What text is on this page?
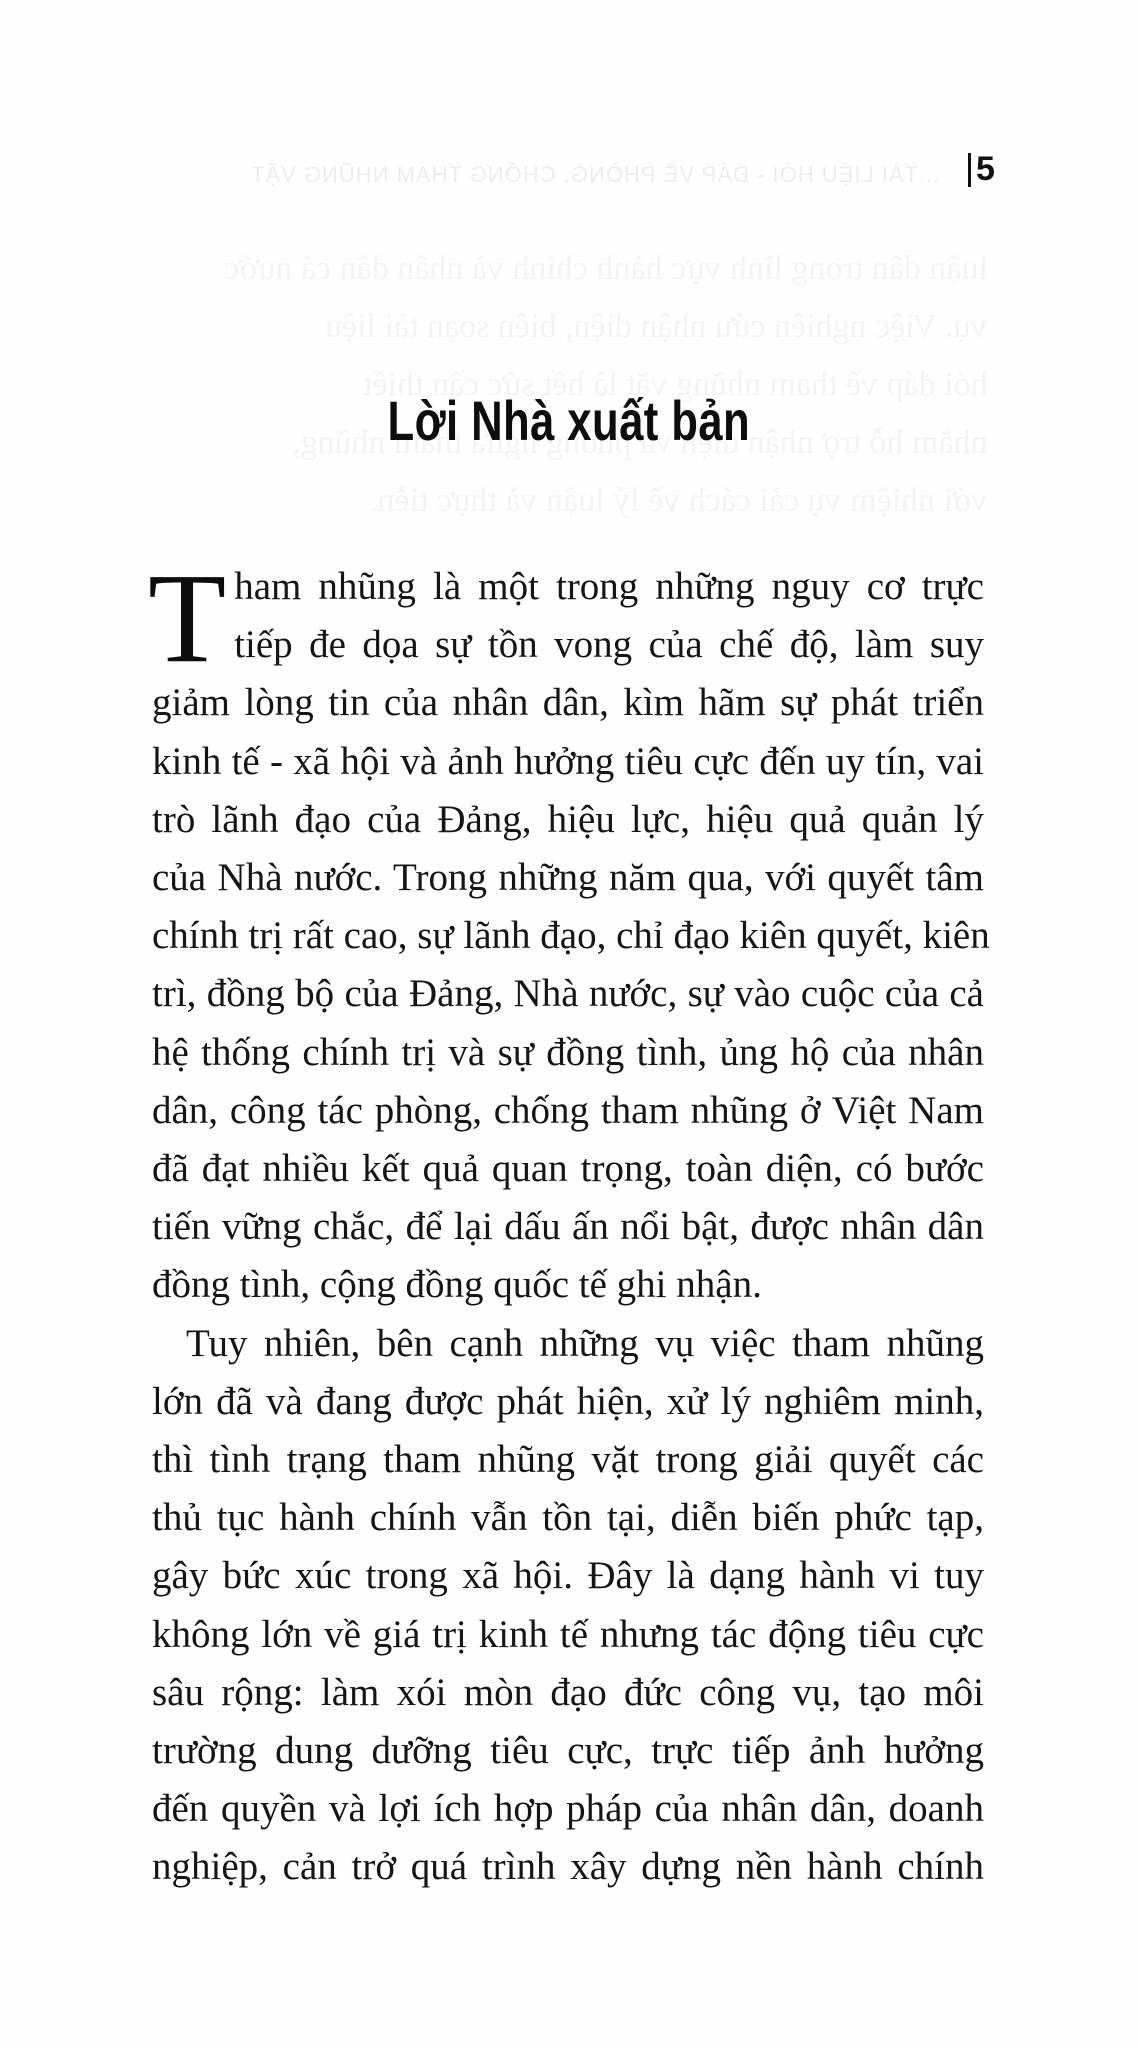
...TÀI LIỆU HỎI - ĐÁP VỀ PHÒNG, CHỐNG THAM NHŨNG VẶT 5
Lời Nhà xuất bản

T ham nhũng là một trong những nguy cơ trực
tiếp đe dọa sự tồn vong của chế độ, làm suy
giảm lòng tin của nhân dân, kìm hãm sự phát triển
kinh tế - xã hội và ảnh hưởng tiêu cực đến uy tín, vai
trò lãnh đạo của Đảng, hiệu lực, hiệu quả quản lý
của Nhà nước. Trong những năm qua, với quyết tâm
chính trị rất cao, sự lãnh đạo, chỉ đạo kiên quyết, kiên
trì, đồng bộ của Đảng, Nhà nước, sự vào cuộc của cả
hệ thống chính trị và sự đồng tình, ủng hộ của nhân
dân, công tác phòng, chống tham nhũng ở Việt Nam
đã đạt nhiều kết quả quan trọng, toàn diện, có bước
tiến vững chắc, để lại dấu ấn nổi bật, được nhân dân
đồng tình, cộng đồng quốc tế ghi nhận.

Tuy nhiên, bên cạnh những vụ việc tham nhũng
lớn đã và đang được phát hiện, xử lý nghiêm minh,
thì tình trạng tham nhũng vặt trong giải quyết các
thủ tục hành chính vẫn tồn tại, diễn biến phức tạp,
gây bức xúc trong xã hội. Đây là dạng hành vi tuy
không lớn về giá trị kinh tế nhưng tác động tiêu cực
sâu rộng: làm xói mòn đạo đức công vụ, tạo môi
trường dung dưỡng tiêu cực, trực tiếp ảnh hưởng
đến quyền và lợi ích hợp pháp của nhân dân, doanh
nghiệp, cản trở quá trình xây dựng nền hành chính
